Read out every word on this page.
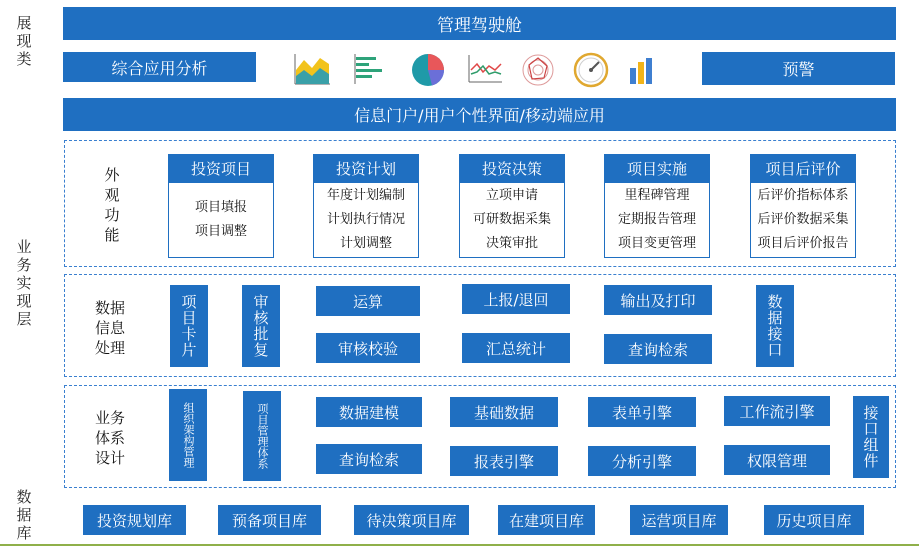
展现类
业务实现层
数据库
管理驾驶舱
综合应用分析	预警
信息门户/用户个性界面/移动端应用
外观功能
投资项目
项目填报
项目调整
投资计划
年度计划编制
计划执行情况
计划调整
投资决策
立项申请
可研数据采集
决策审批
项目实施
里程碑管理
定期报告管理
项目变更管理
项目后评价
后评价指标体系
后评价数据采集
项目后评价报告
数据信息处理	项目卡片	审核批复	数据接口
运算
审核校验
上报/退回
汇总统计
输出及打印
查询检索
业务体系设计	组织架构管理	项目管理体系	接口组件
数据建模
查询检索
基础数据
报表引擎
表单引擎
分析引擎
工作流引擎
权限管理
投资规划库	预备项目库	待决策项目库	在建项目库	运营项目库	历史项目库
